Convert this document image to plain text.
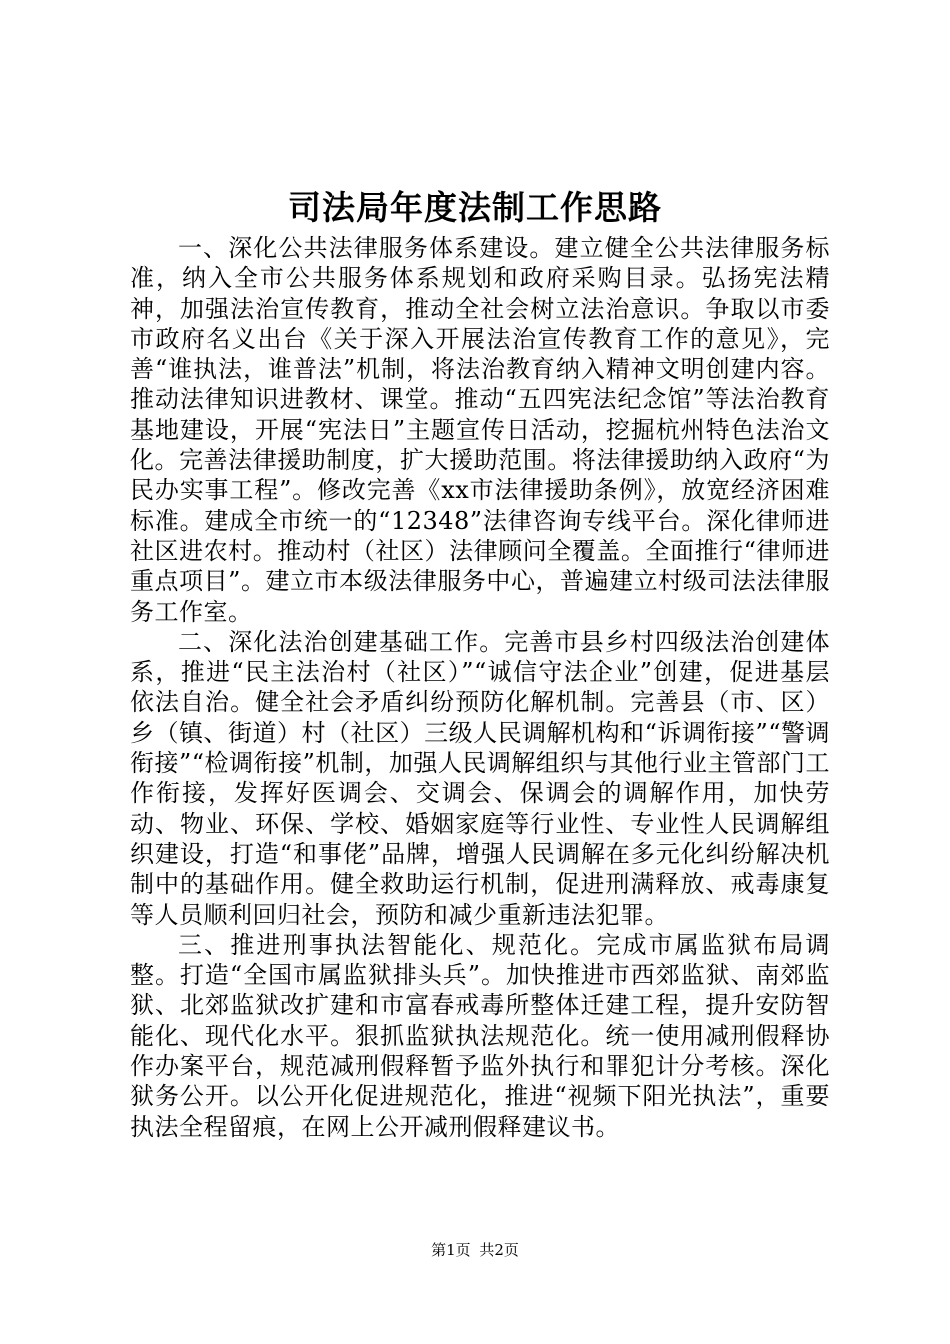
司法局年度法制工作思路

一、深化公共法律服务体系建设。建立健全公共法律服务标准，纳入全市公共服务体系规划和政府采购目录。弘扬宪法精神，加强法治宣传教育，推动全社会树立法治意识。争取以市委市政府名义出台《关于深入开展法治宣传教育工作的意见》，完善“谁执法，谁普法”机制，将法治教育纳入精神文明创建内容。推动法律知识进教材、课堂。推动“五四宪法纪念馆”等法治教育基地建设，开展“宪法日”主题宣传日活动，挖掘杭州特色法治文化。完善法律援助制度，扩大援助范围。将法律援助纳入政府“为民办实事工程”。修改完善《xx市法律援助条例》，放宽经济困难标准。建成全市统一的“12348”法律咨询专线平台。深化律师进社区进农村。推动村（社区）法律顾问全覆盖。全面推行“律师进重点项目”。建立市本级法律服务中心，普遍建立村级司法法律服务工作室。

二、深化法治创建基础工作。完善市县乡村四级法治创建体系，推进“民主法治村（社区）”“诚信守法企业”创建，促进基层依法自治。健全社会矛盾纠纷预防化解机制。完善县（市、区）乡（镇、街道）村（社区）三级人民调解机构和“诉调衔接”“警调衔接”“检调衔接”机制，加强人民调解组织与其他行业主管部门工作衔接，发挥好医调会、交调会、保调会的调解作用，加快劳动、物业、环保、学校、婚姻家庭等行业性、专业性人民调解组织建设，打造“和事佬”品牌，增强人民调解在多元化纠纷解决机制中的基础作用。健全救助运行机制，促进刑满释放、戒毒康复等人员顺利回归社会，预防和减少重新违法犯罪。

三、推进刑事执法智能化、规范化。完成市属监狱布局调整。打造“全国市属监狱排头兵”。加快推进市西郊监狱、南郊监狱、北郊监狱改扩建和市富春戒毒所整体迁建工程，提升安防智能化、现代化水平。狠抓监狱执法规范化。统一使用减刑假释协作办案平台，规范减刑假释暂予监外执行和罪犯计分考核。深化狱务公开。以公开化促进规范化，推进“视频下阳光执法”，重要执法全程留痕，在网上公开减刑假释建议书。

第1页 共2页
